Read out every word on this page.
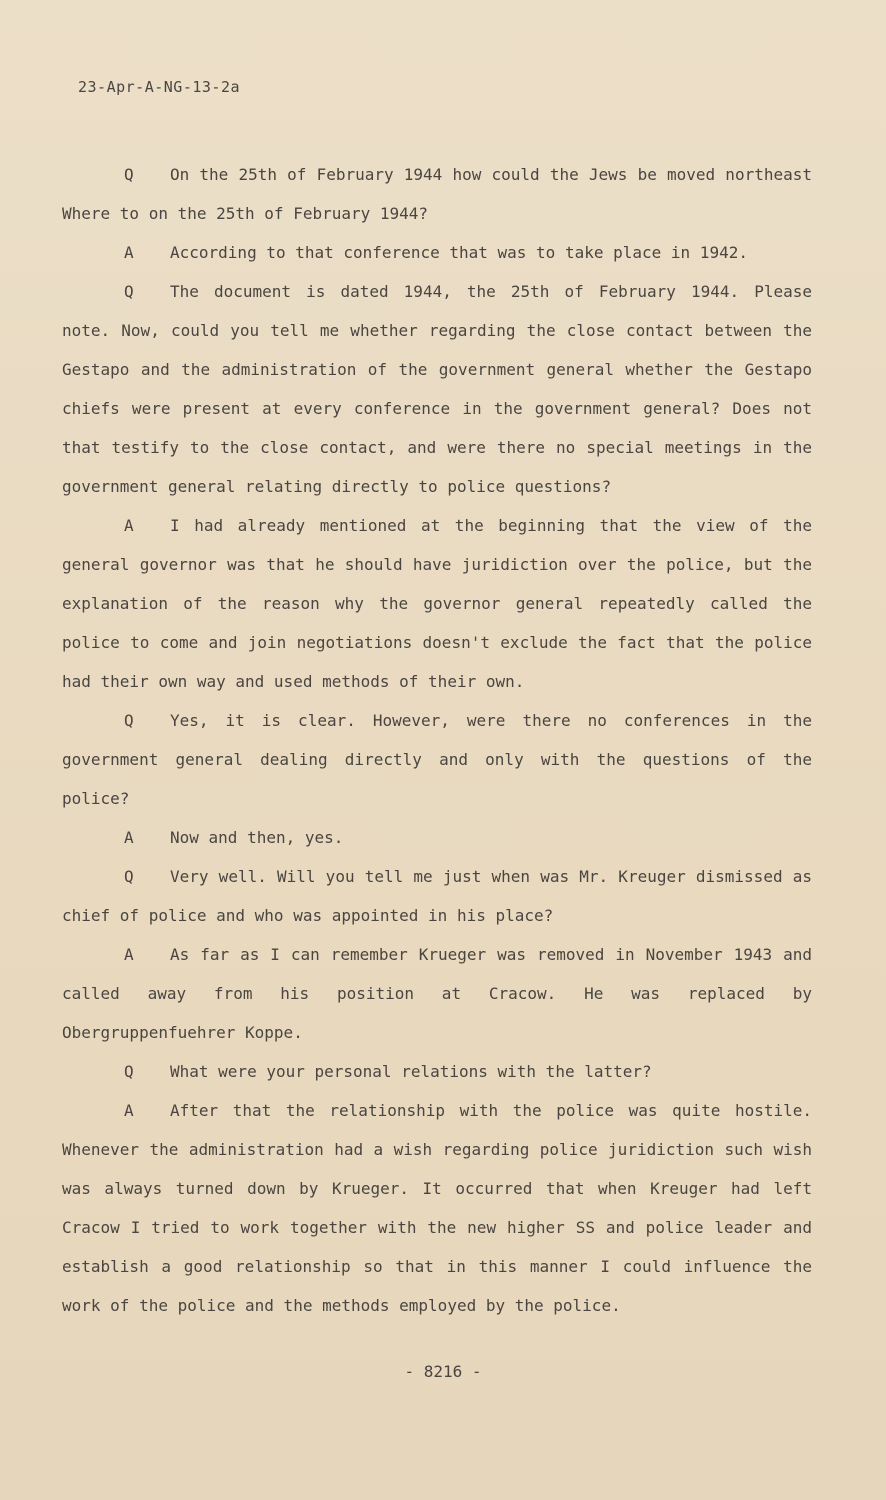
23-Apr-A-NG-13-2a

Q On the 25th of February 1944 how could the Jews be moved northeast Where to on the 25th of February 1944?

A According to that conference that was to take place in 1942.

Q The document is dated 1944, the 25th of February 1944. Please note. Now, could you tell me whether regarding the close contact between the Gestapo and the administration of the government general whether the Gestapo chiefs were present at every conference in the government general? Does not that testify to the close contact, and were there no special meetings in the government general relating directly to police questions?

A I had already mentioned at the beginning that the view of the general governor was that he should have juridiction over the police, but the explanation of the reason why the governor general repeatedly called the police to come and join negotiations doesn't exclude the fact that the police had their own way and used methods of their own.

Q Yes, it is clear. However, were there no conferences in the government general dealing directly and only with the questions of the police?

A Now and then, yes.

Q Very well. Will you tell me just when was Mr. Kreuger dismissed as chief of police and who was appointed in his place?

A As far as I can remember Krueger was removed in November 1943 and called away from his position at Cracow. He was replaced by Obergruppenfuehrer Koppe.

Q What were your personal relations with the latter?

A After that the relationship with the police was quite hostile. Whenever the administration had a wish regarding police juridiction such wish was always turned down by Krueger. It occurred that when Kreuger had left Cracow I tried to work together with the new higher SS and police leader and establish a good relationship so that in this manner I could influence the work of the police and the methods employed by the police.

- 8216 -
